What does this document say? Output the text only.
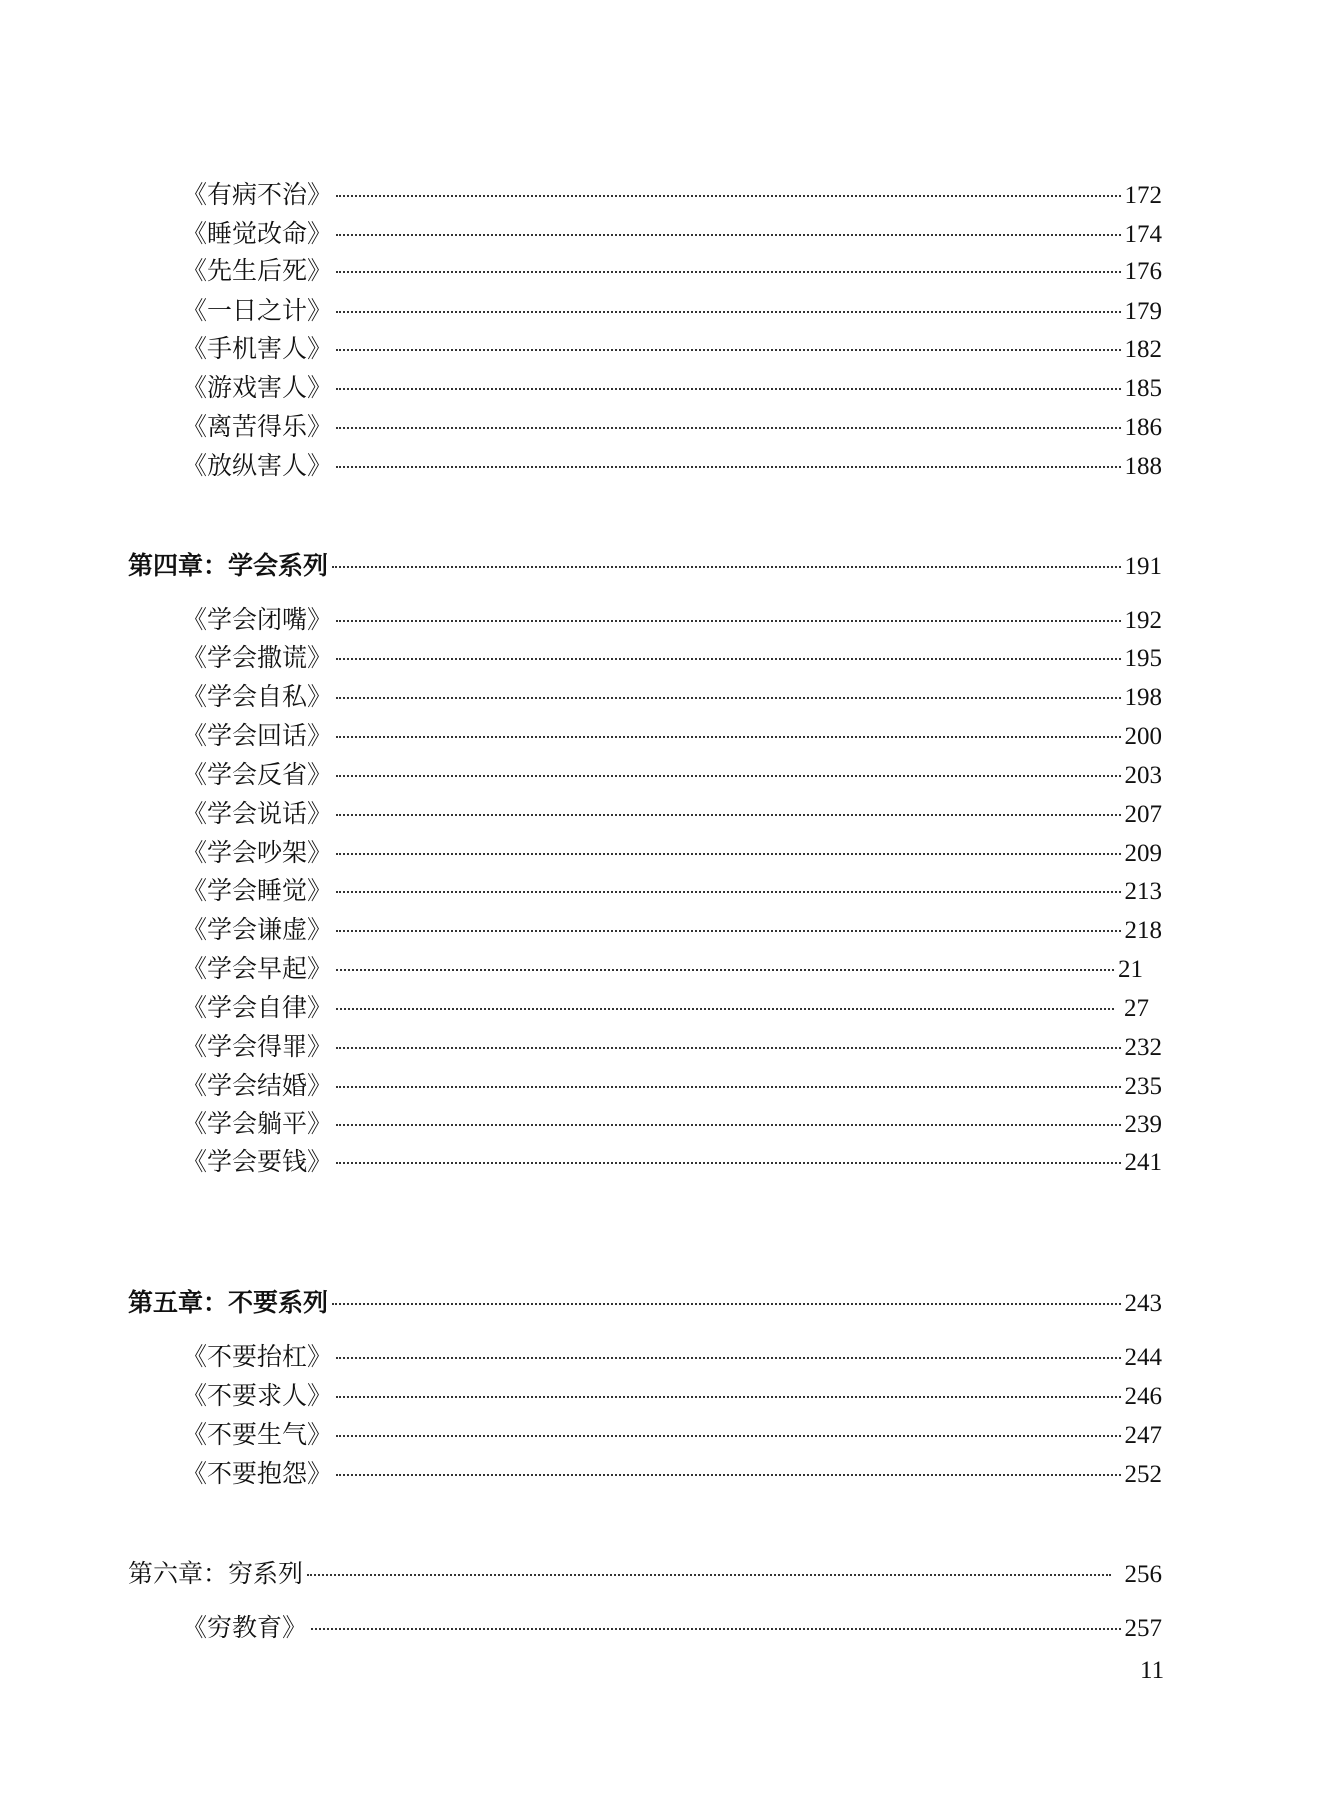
《有病不治》	172
《睡觉改命》	174
《先生后死》	176
《一日之计》	179
《手机害人》	182
《游戏害人》	185
《离苦得乐》	186
《放纵害人》	188
第四章：学会系列	191
《学会闭嘴》	192
《学会撒谎》	195
《学会自私》	198
《学会回话》	200
《学会反省》	203
《学会说话》	207
《学会吵架》	209
《学会睡觉》	213
《学会谦虚》	218
《学会早起》	21
《学会自律》	27
《学会得罪》	232
《学会结婚》	235
《学会躺平》	239
《学会要钱》	241
第五章：不要系列	243
《不要抬杠》	244
《不要求人》	246
《不要生气》	247
《不要抱怨》	252
第六章：穷系列	256
《穷教育》	257
11
